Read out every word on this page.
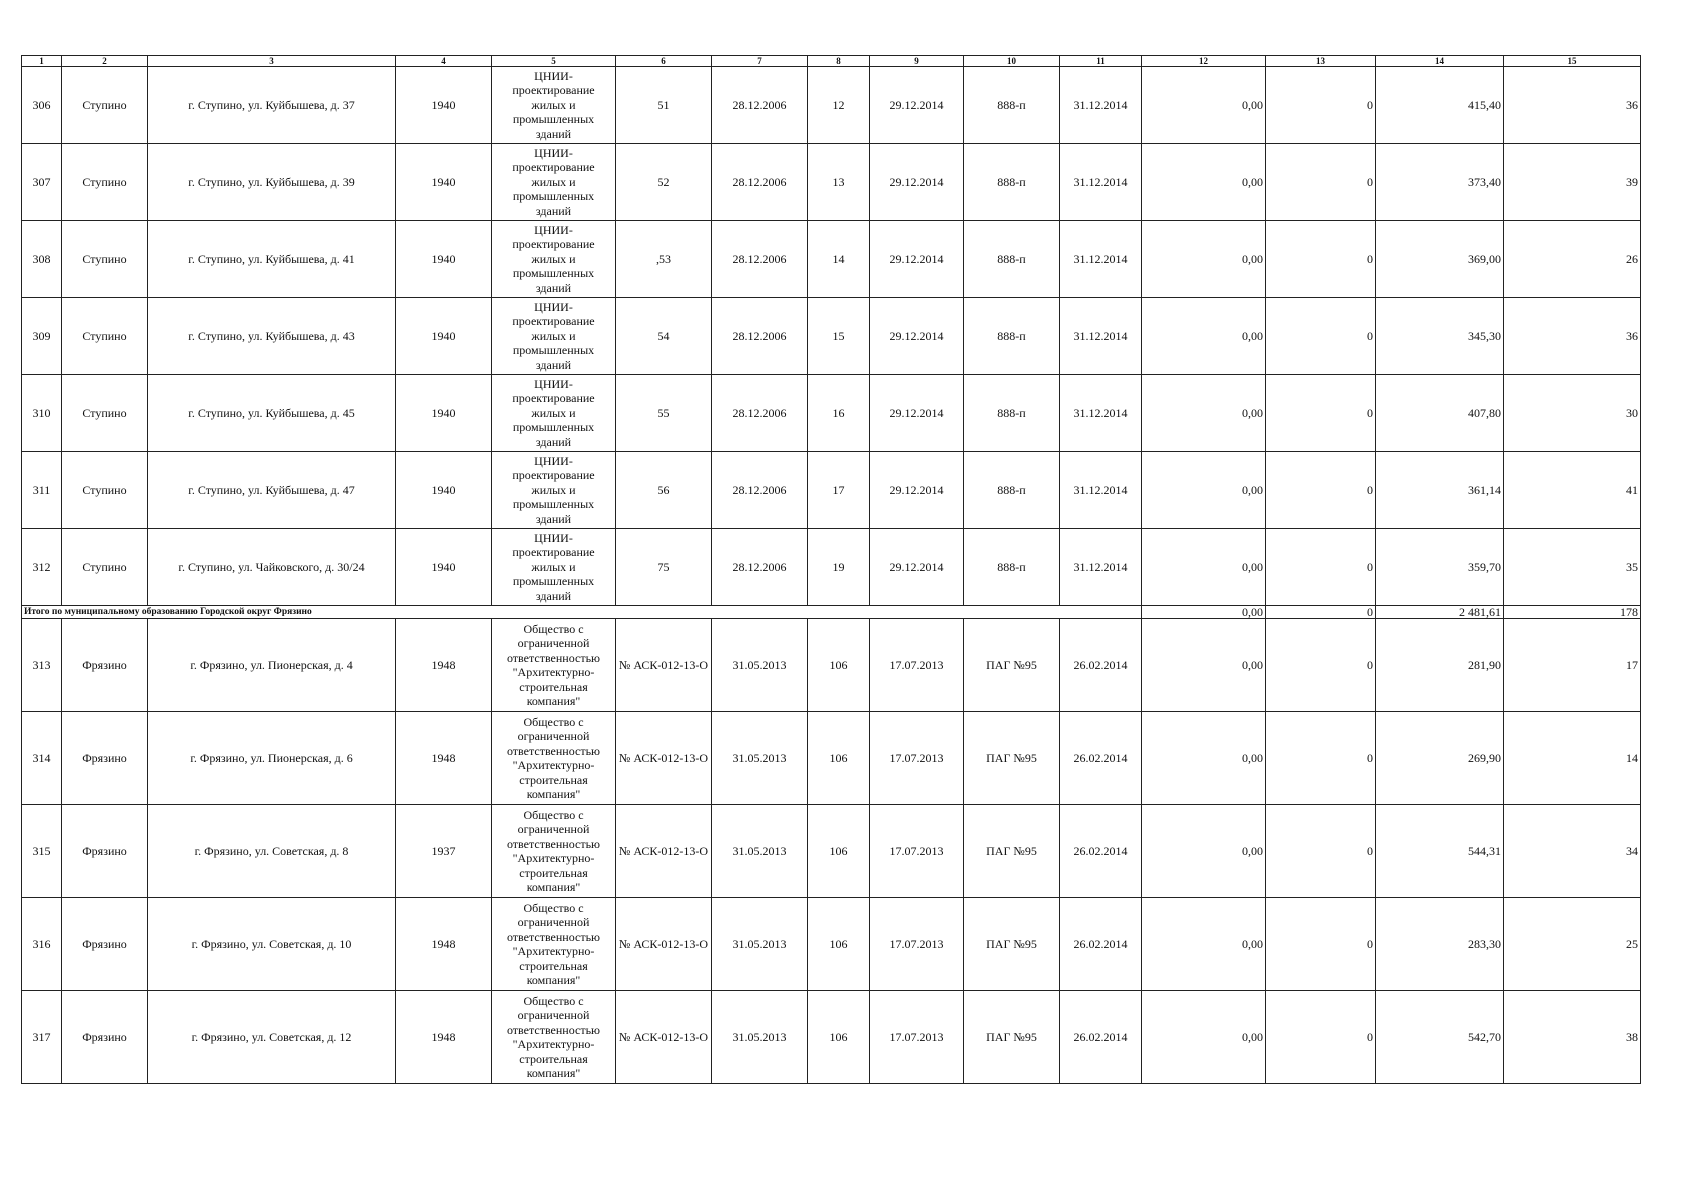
1	2	3	4	5	6	7	8	9	10	11	12	13	14	15
306	Ступино	г. Ступино, ул. Куйбышева, д. 37	1940	ЦНИИ-проектирование жилых и промышленных зданий	51	28.12.2006	12	29.12.2014	888-п	31.12.2014	0,00	0	415,40	36
307	Ступино	г. Ступино, ул. Куйбышева, д. 39	1940	ЦНИИ-проектирование жилых и промышленных зданий	52	28.12.2006	13	29.12.2014	888-п	31.12.2014	0,00	0	373,40	39
308	Ступино	г. Ступино, ул. Куйбышева, д. 41	1940	ЦНИИ-проектирование жилых и промышленных зданий	,53	28.12.2006	14	29.12.2014	888-п	31.12.2014	0,00	0	369,00	26
309	Ступино	г. Ступино, ул. Куйбышева, д. 43	1940	ЦНИИ-проектирование жилых и промышленных зданий	54	28.12.2006	15	29.12.2014	888-п	31.12.2014	0,00	0	345,30	36
310	Ступино	г. Ступино, ул. Куйбышева, д. 45	1940	ЦНИИ-проектирование жилых и промышленных зданий	55	28.12.2006	16	29.12.2014	888-п	31.12.2014	0,00	0	407,80	30
311	Ступино	г. Ступино, ул. Куйбышева, д. 47	1940	ЦНИИ-проектирование жилых и промышленных зданий	56	28.12.2006	17	29.12.2014	888-п	31.12.2014	0,00	0	361,14	41
312	Ступино	г. Ступино, ул. Чайковского, д. 30/24	1940	ЦНИИ-проектирование жилых и промышленных зданий	75	28.12.2006	19	29.12.2014	888-п	31.12.2014	0,00	0	359,70	35
Итого по муниципальному образованию Городской округ Фрязино											0,00	0	2 481,61	178
313	Фрязино	г. Фрязино, ул. Пионерская, д. 4	1948	Общество с ограниченной ответственностью "Архитектурно-строительная компания"	№ АСК-012-13-О	31.05.2013	106	17.07.2013	ПАГ №95	26.02.2014	0,00	0	281,90	17
314	Фрязино	г. Фрязино, ул. Пионерская, д. 6	1948	Общество с ограниченной ответственностью "Архитектурно-строительная компания"	№ АСК-012-13-О	31.05.2013	106	17.07.2013	ПАГ №95	26.02.2014	0,00	0	269,90	14
315	Фрязино	г. Фрязино, ул. Советская, д. 8	1937	Общество с ограниченной ответственностью "Архитектурно-строительная компания"	№ АСК-012-13-О	31.05.2013	106	17.07.2013	ПАГ №95	26.02.2014	0,00	0	544,31	34
316	Фрязино	г. Фрязино, ул. Советская, д. 10	1948	Общество с ограниченной ответственностью "Архитектурно-строительная компания"	№ АСК-012-13-О	31.05.2013	106	17.07.2013	ПАГ №95	26.02.2014	0,00	0	283,30	25
317	Фрязино	г. Фрязино, ул. Советская, д. 12	1948	Общество с ограниченной ответственностью "Архитектурно-строительная компания"	№ АСК-012-13-О	31.05.2013	106	17.07.2013	ПАГ №95	26.02.2014	0,00	0	542,70	38
